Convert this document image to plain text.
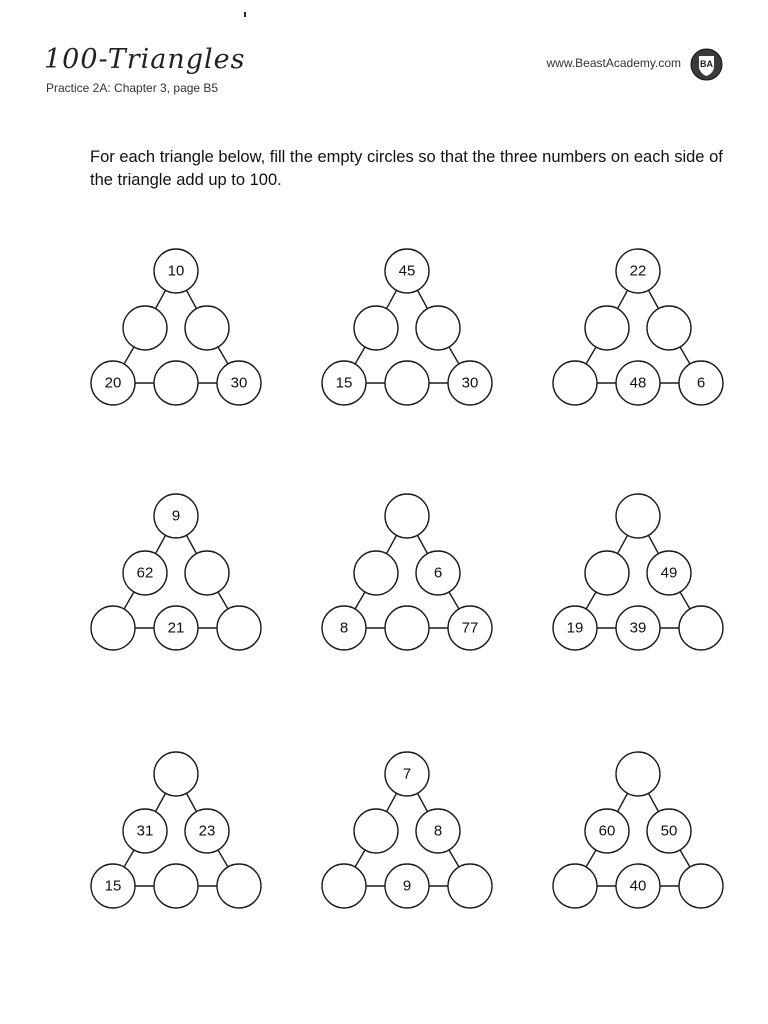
100-Triangles
Practice 2A: Chapter 3, page B5
www.BeastAcademy.com BA

For each triangle below, fill the empty circles so that the three numbers on each side of the triangle add up to 100.

10
20	30
45
15	30
22
48	6
9
62
21
6
8	77
49
19	39
31	23
15
7
8
9
60	50
40
